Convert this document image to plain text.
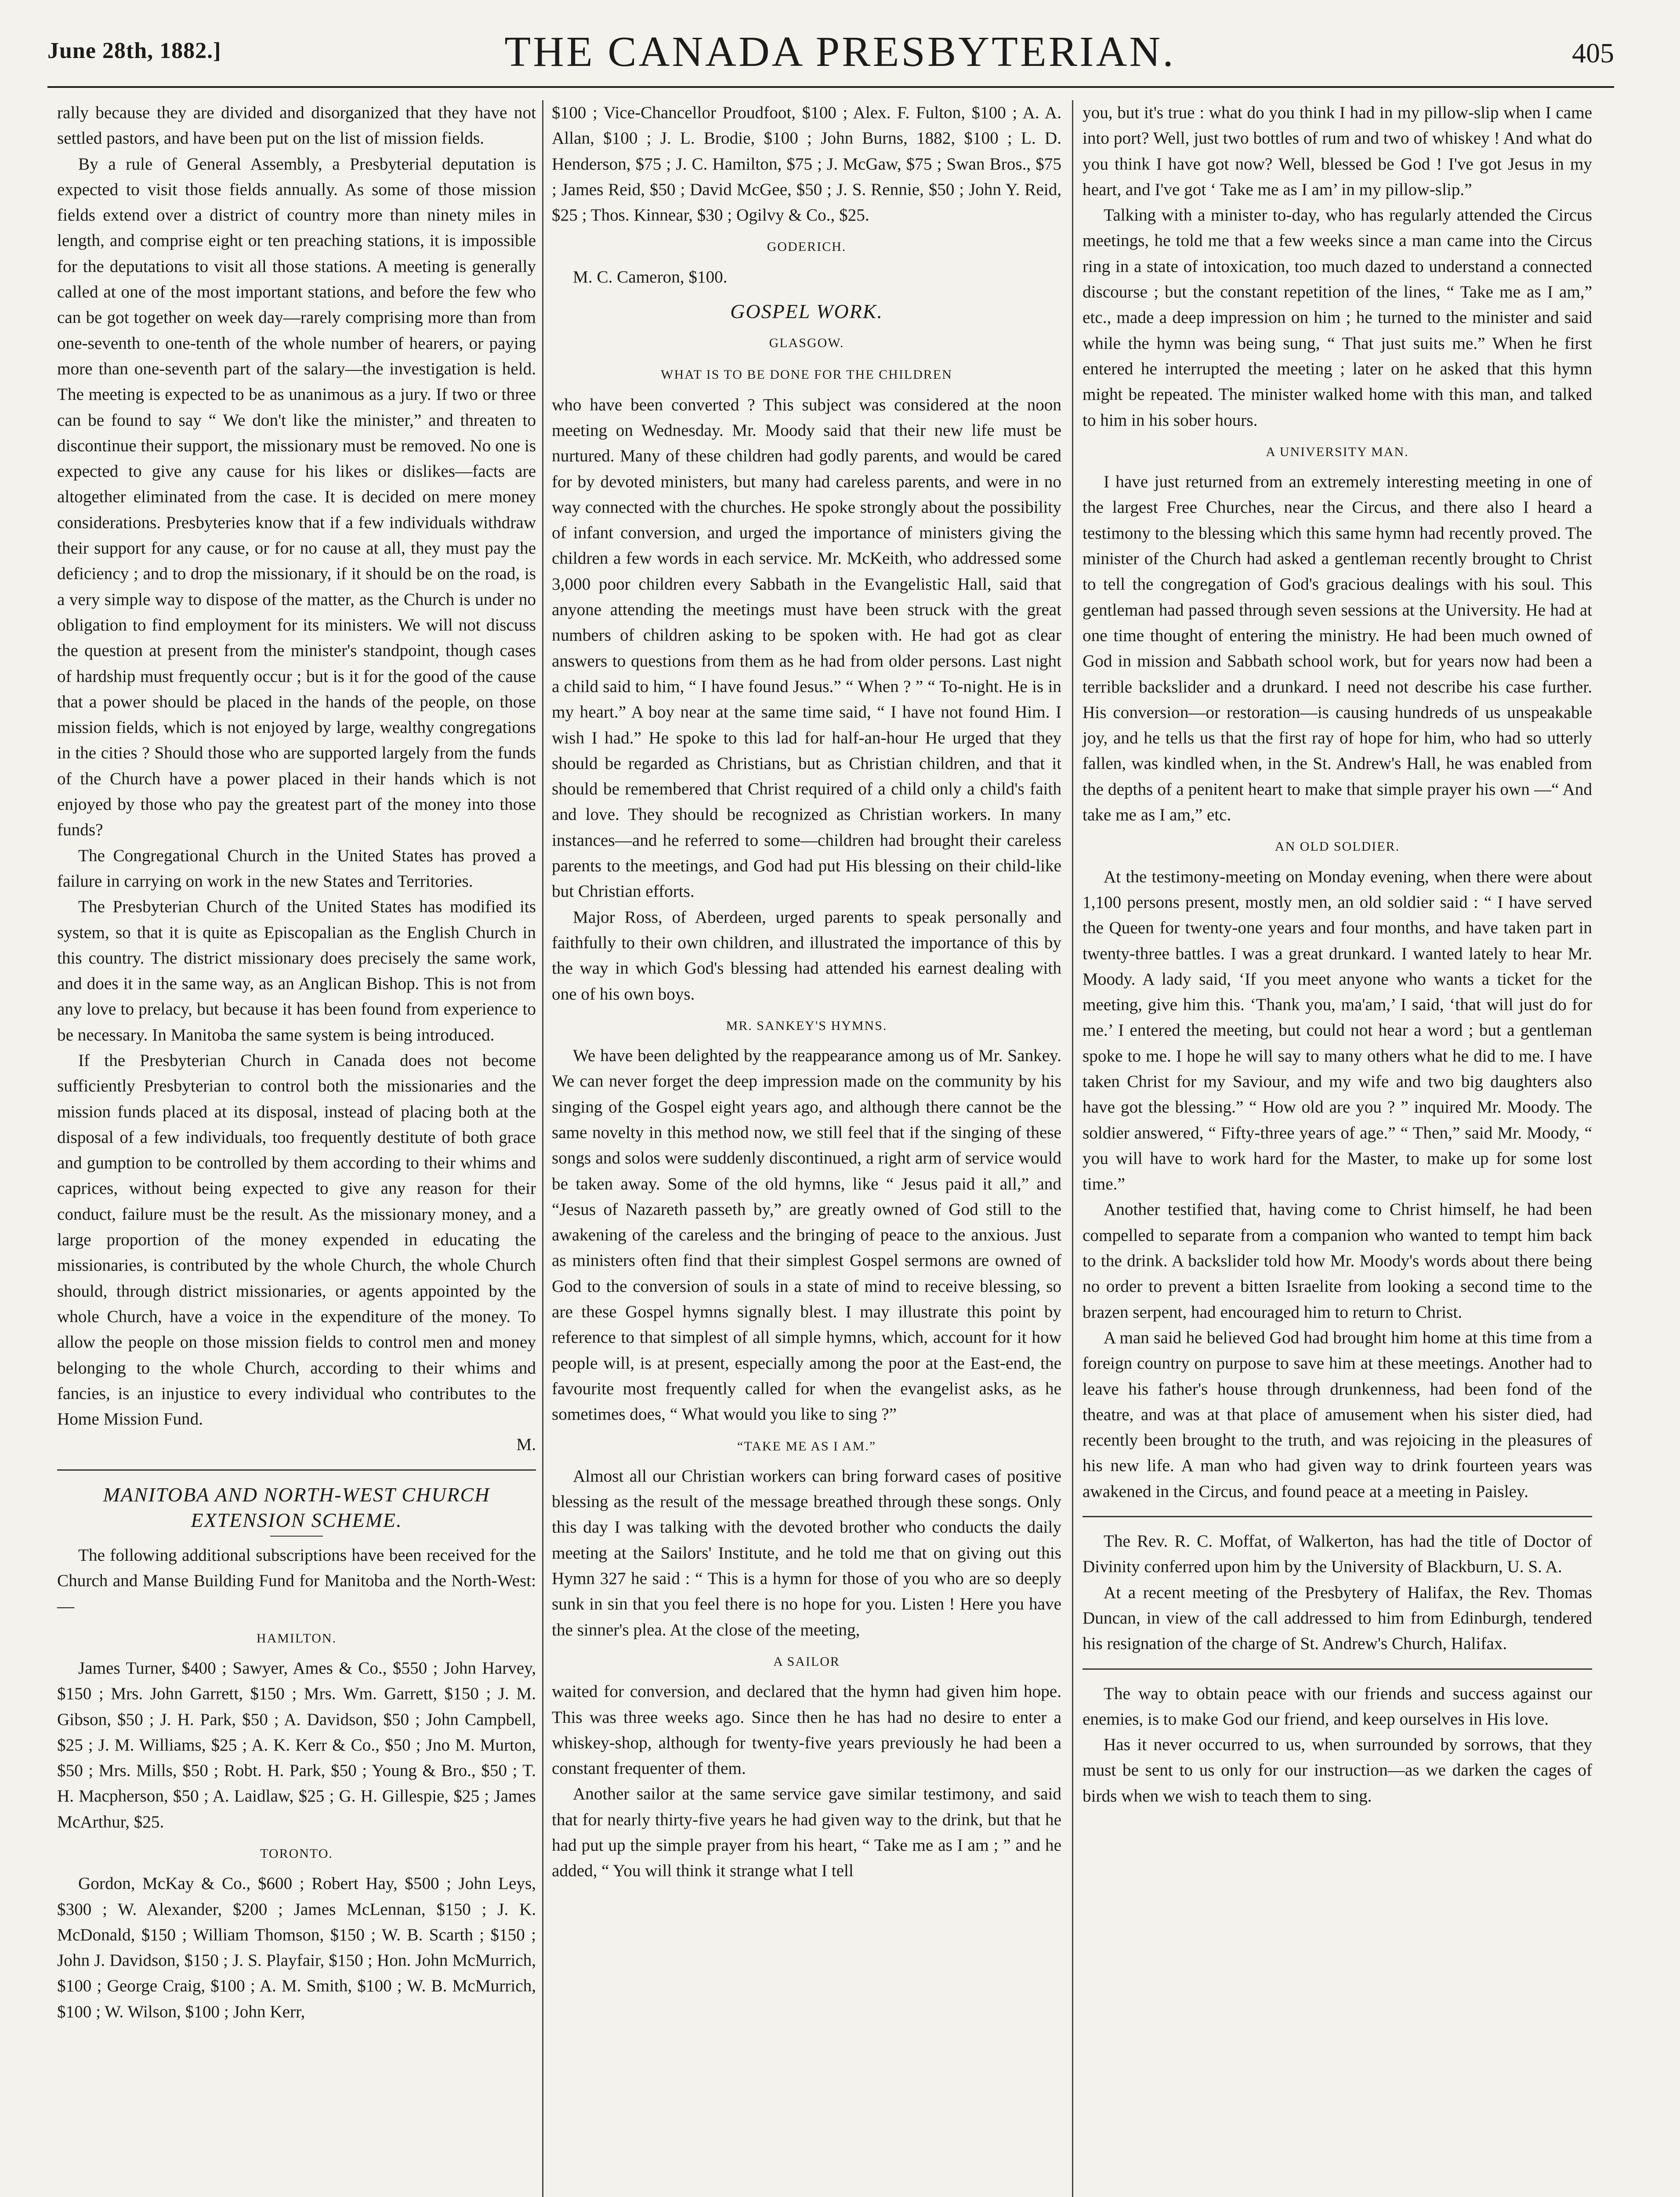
June 28th, 1882.]	THE CANADA PRESBYTERIAN.	405

rally because they are divided and disorganized that they have not settled pastors, and have been put on the list of mission fields.

By a rule of General Assembly, a Presbyterial deputation is expected to visit those fields annually. As some of those mission fields extend over a district of country more than ninety miles in length, and comprise eight or ten preaching stations, it is impossible for the deputations to visit all those stations. A meeting is generally called at one of the most important stations, and before the few who can be got together on week day—rarely comprising more than from one-seventh to one-tenth of the whole number of hearers, or paying more than one-seventh part of the salary—the investigation is held. The meeting is expected to be as unanimous as a jury. If two or three can be found to say “ We don't like the minister,” and threaten to discontinue their support, the missionary must be removed. No one is expected to give any cause for his likes or dislikes—facts are altogether eliminated from the case. It is decided on mere money considerations. Presbyteries know that if a few individuals withdraw their support for any cause, or for no cause at all, they must pay the deficiency ; and to drop the missionary, if it should be on the road, is a very simple way to dispose of the matter, as the Church is under no obligation to find employment for its ministers. We will not discuss the question at present from the minister's standpoint, though cases of hardship must frequently occur ; but is it for the good of the cause that a power should be placed in the hands of the people, on those mission fields, which is not enjoyed by large, wealthy congregations in the cities ? Should those who are supported largely from the funds of the Church have a power placed in their hands which is not enjoyed by those who pay the greatest part of the money into those funds?

The Congregational Church in the United States has proved a failure in carrying on work in the new States and Territories.

The Presbyterian Church of the United States has modified its system, so that it is quite as Episcopalian as the English Church in this country. The district missionary does precisely the same work, and does it in the same way, as an Anglican Bishop. This is not from any love to prelacy, but because it has been found from experience to be necessary. In Manitoba the same system is being introduced.

If the Presbyterian Church in Canada does not become sufficiently Presbyterian to control both the missionaries and the mission funds placed at its disposal, instead of placing both at the disposal of a few individuals, too frequently destitute of both grace and gumption to be controlled by them according to their whims and caprices, without being expected to give any reason for their conduct, failure must be the result. As the missionary money, and a large proportion of the money expended in educating the missionaries, is contributed by the whole Church, the whole Church should, through district missionaries, or agents appointed by the whole Church, have a voice in the expenditure of the money. To allow the people on those mission fields to control men and money belonging to the whole Church, according to their whims and fancies, is an injustice to every individual who contributes to the Home Mission Fund.

M.

MANITOBA AND NORTH-WEST CHURCH EXTENSION SCHEME.

The following additional subscriptions have been received for the Church and Manse Building Fund for Manitoba and the North-West:—

HAMILTON.

James Turner, $400 ; Sawyer, Ames & Co., $550 ; John Harvey, $150 ; Mrs. John Garrett, $150 ; Mrs. Wm. Garrett, $150 ; J. M. Gibson, $50 ; J. H. Park, $50 ; A. Davidson, $50 ; John Campbell, $25 ; J. M. Williams, $25 ; A. K. Kerr & Co., $50 ; Jno M. Murton, $50 ; Mrs. Mills, $50 ; Robt. H. Park, $50 ; Young & Bro., $50 ; T. H. Macpherson, $50 ; A. Laidlaw, $25 ; G. H. Gillespie, $25 ; James McArthur, $25.

TORONTO.

Gordon, McKay & Co., $600 ; Robert Hay, $500 ; John Leys, $300 ; W. Alexander, $200 ; James McLennan, $150 ; J. K. McDonald, $150 ; William Thomson, $150 ; W. B. Scarth ; $150 ; John J. Davidson, $150 ; J. S. Playfair, $150 ; Hon. John McMurrich, $100 ; George Craig, $100 ; A. M. Smith, $100 ; W. B. McMurrich, $100 ; W. Wilson, $100 ; John Kerr,

$100 ; Vice-Chancellor Proudfoot, $100 ; Alex. F. Fulton, $100 ; A. A. Allan, $100 ; J. L. Brodie, $100 ; John Burns, 1882, $100 ; L. D. Henderson, $75 ; J. C. Hamilton, $75 ; J. McGaw, $75 ; Swan Bros., $75 ; James Reid, $50 ; David McGee, $50 ; J. S. Rennie, $50 ; John Y. Reid, $25 ; Thos. Kinnear, $30 ; Ogilvy & Co., $25.

GODERICH.

M. C. Cameron, $100.

GOSPEL WORK.
GLASGOW.
WHAT IS TO BE DONE FOR THE CHILDREN

who have been converted ? This subject was considered at the noon meeting on Wednesday. Mr. Moody said that their new life must be nurtured. Many of these children had godly parents, and would be cared for by devoted ministers, but many had careless parents, and were in no way connected with the churches. He spoke strongly about the possibility of infant conversion, and urged the importance of ministers giving the children a few words in each service. Mr. McKeith, who addressed some 3,000 poor children every Sabbath in the Evangelistic Hall, said that anyone attending the meetings must have been struck with the great numbers of children asking to be spoken with. He had got as clear answers to questions from them as he had from older persons. Last night a child said to him, “ I have found Jesus.” “ When ? ” “ To-night. He is in my heart.” A boy near at the same time said, “ I have not found Him. I wish I had.” He spoke to this lad for half-an-hour He urged that they should be regarded as Christians, but as Christian children, and that it should be remembered that Christ required of a child only a child's faith and love. They should be recognized as Christian workers. In many instances—and he referred to some—children had brought their careless parents to the meetings, and God had put His blessing on their child-like but Christian efforts.

Major Ross, of Aberdeen, urged parents to speak personally and faithfully to their own children, and illustrated the importance of this by the way in which God's blessing had attended his earnest dealing with one of his own boys.

MR. SANKEY'S HYMNS.

We have been delighted by the reappearance among us of Mr. Sankey. We can never forget the deep impression made on the community by his singing of the Gospel eight years ago, and although there cannot be the same novelty in this method now, we still feel that if the singing of these songs and solos were suddenly discontinued, a right arm of service would be taken away. Some of the old hymns, like “ Jesus paid it all,” and “Jesus of Nazareth passeth by,” are greatly owned of God still to the awakening of the careless and the bringing of peace to the anxious. Just as ministers often find that their simplest Gospel sermons are owned of God to the conversion of souls in a state of mind to receive blessing, so are these Gospel hymns signally blest. I may illustrate this point by reference to that simplest of all simple hymns, which, account for it how people will, is at present, especially among the poor at the East-end, the favourite most frequently called for when the evangelist asks, as he sometimes does, “ What would you like to sing ?”

“TAKE ME AS I AM.”

Almost all our Christian workers can bring forward cases of positive blessing as the result of the message breathed through these songs. Only this day I was talking with the devoted brother who conducts the daily meeting at the Sailors' Institute, and he told me that on giving out this Hymn 327 he said : “ This is a hymn for those of you who are so deeply sunk in sin that you feel there is no hope for you. Listen ! Here you have the sinner's plea. At the close of the meeting,

A SAILOR

waited for conversion, and declared that the hymn had given him hope. This was three weeks ago. Since then he has had no desire to enter a whiskey-shop, although for twenty-five years previously he had been a constant frequenter of them.

Another sailor at the same service gave similar testimony, and said that for nearly thirty-five years he had given way to the drink, but that he had put up the simple prayer from his heart, “ Take me as I am ; ” and he added, “ You will think it strange what I tell

you, but it's true : what do you think I had in my pillow-slip when I came into port? Well, just two bottles of rum and two of whiskey ! And what do you think I have got now? Well, blessed be God ! I've got Jesus in my heart, and I've got ‘ Take me as I am’ in my pillow-slip.”

Talking with a minister to-day, who has regularly attended the Circus meetings, he told me that a few weeks since a man came into the Circus ring in a state of intoxication, too much dazed to understand a connected discourse ; but the constant repetition of the lines, “ Take me as I am,” etc., made a deep impression on him ; he turned to the minister and said while the hymn was being sung, “ That just suits me.” When he first entered he interrupted the meeting ; later on he asked that this hymn might be repeated. The minister walked home with this man, and talked to him in his sober hours.

A UNIVERSITY MAN.

I have just returned from an extremely interesting meeting in one of the largest Free Churches, near the Circus, and there also I heard a testimony to the blessing which this same hymn had recently proved. The minister of the Church had asked a gentleman recently brought to Christ to tell the congregation of God's gracious dealings with his soul. This gentleman had passed through seven sessions at the University. He had at one time thought of entering the ministry. He had been much owned of God in mission and Sabbath school work, but for years now had been a terrible backslider and a drunkard. I need not describe his case further. His conversion—or restoration—is causing hundreds of us unspeakable joy, and he tells us that the first ray of hope for him, who had so utterly fallen, was kindled when, in the St. Andrew's Hall, he was enabled from the depths of a penitent heart to make that simple prayer his own —“ And take me as I am,” etc.

AN OLD SOLDIER.

At the testimony-meeting on Monday evening, when there were about 1,100 persons present, mostly men, an old soldier said : “ I have served the Queen for twenty-one years and four months, and have taken part in twenty-three battles. I was a great drunkard. I wanted lately to hear Mr. Moody. A lady said, ‘If you meet anyone who wants a ticket for the meeting, give him this. ‘Thank you, ma'am,’ I said, ‘that will just do for me.’ I entered the meeting, but could not hear a word ; but a gentleman spoke to me. I hope he will say to many others what he did to me. I have taken Christ for my Saviour, and my wife and two big daughters also have got the blessing.” “ How old are you ? ” inquired Mr. Moody. The soldier answered, “ Fifty-three years of age.” “ Then,” said Mr. Moody, “ you will have to work hard for the Master, to make up for some lost time.”

Another testified that, having come to Christ himself, he had been compelled to separate from a companion who wanted to tempt him back to the drink. A backslider told how Mr. Moody's words about there being no order to prevent a bitten Israelite from looking a second time to the brazen serpent, had encouraged him to return to Christ.

A man said he believed God had brought him home at this time from a foreign country on purpose to save him at these meetings. Another had to leave his father's house through drunkenness, had been fond of the theatre, and was at that place of amusement when his sister died, had recently been brought to the truth, and was rejoicing in the pleasures of his new life. A man who had given way to drink fourteen years was awakened in the Circus, and found peace at a meeting in Paisley.

The Rev. R. C. Moffat, of Walkerton, has had the title of Doctor of Divinity conferred upon him by the University of Blackburn, U. S. A.

At a recent meeting of the Presbytery of Halifax, the Rev. Thomas Duncan, in view of the call addressed to him from Edinburgh, tendered his resignation of the charge of St. Andrew's Church, Halifax.

The way to obtain peace with our friends and success against our enemies, is to make God our friend, and keep ourselves in His love.

Has it never occurred to us, when surrounded by sorrows, that they must be sent to us only for our instruction—as we darken the cages of birds when we wish to teach them to sing.
